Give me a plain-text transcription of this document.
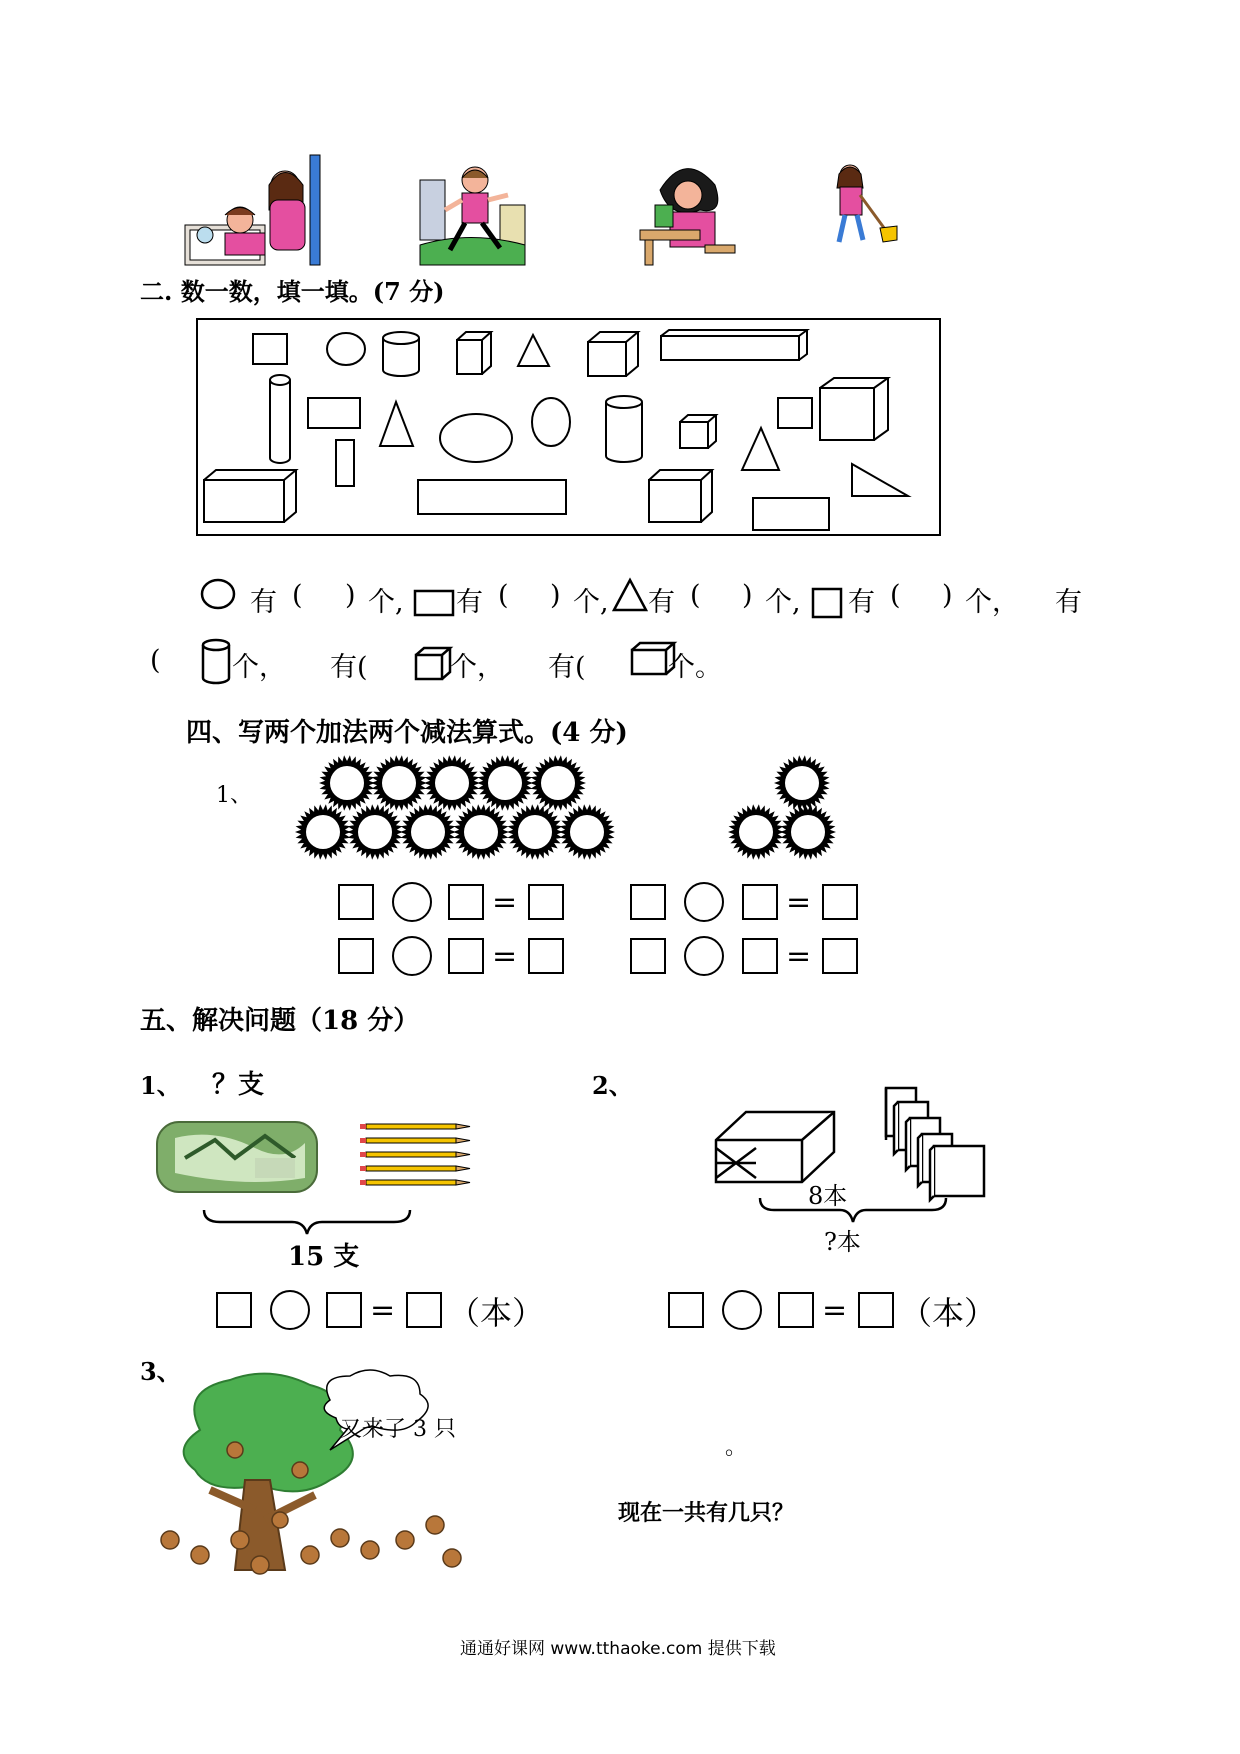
二. 数一数，填一填。(7 分)
有 ( ) 个, 有 ( ) 个, 有 ( ) 个, 有 ( ) 个， 有
(	个， 有(	个， 有(	个。
四、写两个加法两个减法算式。(4 分)
1、
=	=
=	=
五、解决问题（18 分）
1、 ？支
15 支
= （本）
2、
8本
?本
= （本）
3、
又来了 3 只
。
现在一共有几只？
通通好课网 www.tthaoke.com 提供下载
